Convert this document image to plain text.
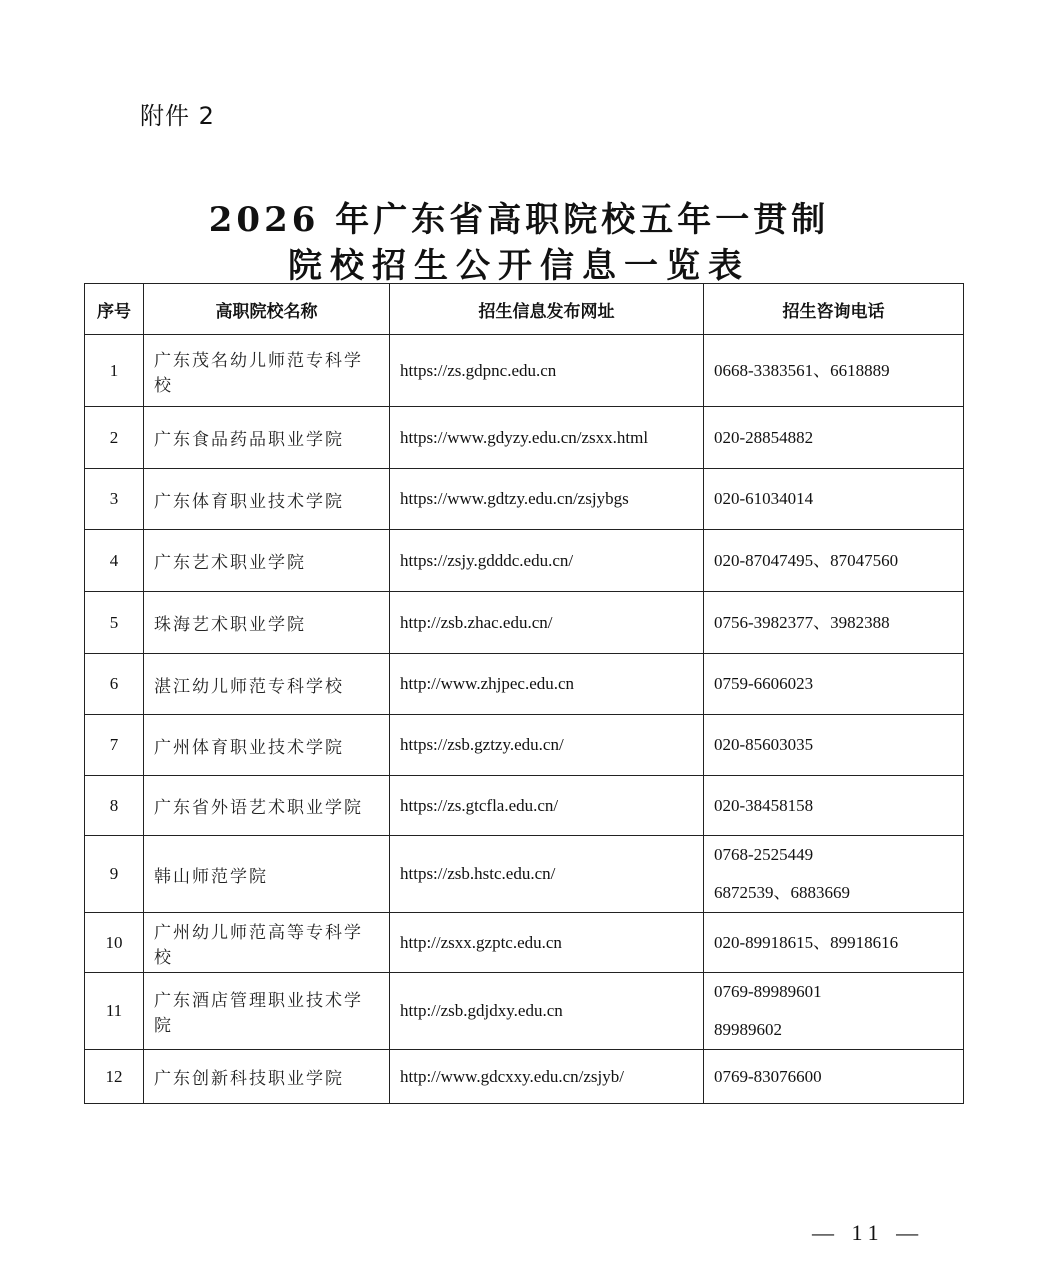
附件 2
2026 年广东省高职院校五年一贯制
院校招生公开信息一览表
序号	高职院校名称	招生信息发布网址	招生咨询电话
1	广东茂名幼儿师范专科学校	https://zs.gdpnc.edu.cn	0668-3383561、6618889

2	广东食品药品职业学院	https://www.gdyzy.edu.cn/zsxx.html	020-28854882

3	广东体育职业技术学院	https://www.gdtzy.edu.cn/zsjybgs	020-61034014

4	广东艺术职业学院	https://zsjy.gdddc.edu.cn/	020-87047495、87047560

5	珠海艺术职业学院	http://zsb.zhac.edu.cn/	0756-3982377、3982388

6	湛江幼儿师范专科学校	http://www.zhjpec.edu.cn	0759-6606023

7	广州体育职业技术学院	https://zsb.gztzy.edu.cn/	020-85603035

8	广东省外语艺术职业学院	https://zs.gtcfla.edu.cn/	020-38458158

9	韩山师范学院	https://zsb.hstc.edu.cn/	0768-2525449
6872539、6883669

10	广州幼儿师范高等专科学校	http://zsxx.gzptc.edu.cn	020-89918615、89918616

11	广东酒店管理职业技术学院	http://zsb.gdjdxy.edu.cn	0769-89989601
89989602

12	广东创新科技职业学院	http://www.gdcxxy.edu.cn/zsjyb/	0769-83076600
— 11 —
